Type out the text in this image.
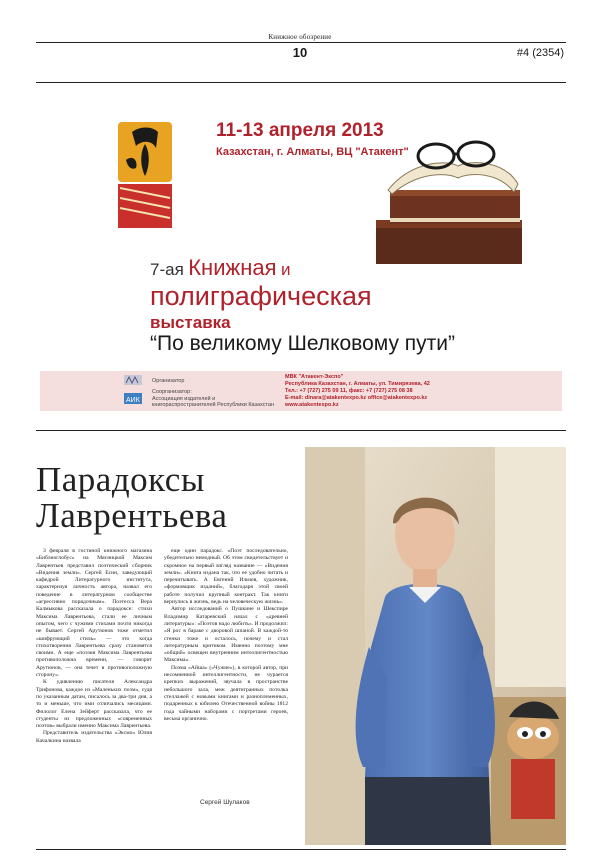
Книжное обозрение
10	#4 (2354)
11-13 апреля 2013
Казахстан, г. Алматы, ВЦ "Атакент"
7-ая Книжная и
полиграфическая
выставка
“По великому Шелковому пути”
Организатор
АИК
Соорганизатор:
Ассоциация издателей и
книгораспространителей Республики Казахстан
МВК "Атакент-Экспо"
Республика Казахстан, г. Алматы, ул. Тимирязева, 42
Тел.: +7 (727) 275 09 11, факс: +7 (727) 275 08 38
E-mail: dinara@atakentexpo.kz office@atakentexpo.kz
www.atakentexpo.kz
Парадоксы
Лаврентьева

3 февраля в гостиной книжного магазина «Библиоглобус» на Мясницкой Максим Лаврентьев представил поэтический сборник «Видения земли». Сергей Есин, заведующий кафедрой Литературного института, характеризуя личность автора, назвал его поведение в литературном сообществе «агрессивно порядочным». Поэтесса Вера Калмыкова рассказала о парадоксе: стихи Максима Лаврентьева, стали ее личным опытом, чего с чужими стихами почти никогда не бывает. Сергей Арутюнов тоже отметил «шифрующий стиль» — это когда стихотворения Лаврентьева сразу становятся своими. А еще «поэзия Максима Лаврентьева противоположна времени, — говорит Арутюнов, — она течет в противоположную сторону».

К удивлению писателя Александра Трифонова, каждое из «Маленьких поэм», судя по указанным датам, писалось за два-три дня, а то и меньше, что ими отличались месяцами. Филолог Елена Зейферт рассказала, что ее студенты из предложенных «современных поэтов» выбрали именно Максима Лаврентьева.

Представитель издательства «Эксмо» Юлия Качалкина назвала

еще один парадокс. «Поэт последовательно, убедительно немодный. Об этом свидетельствует и скромное на первый взгляд название — «Видения земли». «Книга издана так, что ее удобно читать и перечитывать. А Евгений Ильчев, художник, «формовщик изданий», благодаря этой своей работе получил крупный контракт. Так книги вернулись в жизнь, ведь на человеческую жизнь».

Автор исследований о Пушкине и Шекспире Владимир Катаревский начал с «древней литературы»: «Поэтов надо любить». И продолжил: «Я рос в бараке с дворовой шпаной. В каждой-то стенки тоже и осталось, почему и стал литературным критиком. Именно поэтому мне «общий» освещен внутренним интеллигентностью Максима».

Поэма «Айша» («Чужие»), в которой автор, при несомненной интеллигентности, не чурается крепких выражений, звучала в пространстве небольшого зала, меж деятигранных потолка стеллажей с новыми книгами и разноплеменных, подаренных к юбилею Отечественной войны 1812 года чайными наборами с портретами героев, весьма органично.

Сергей Шулаков
